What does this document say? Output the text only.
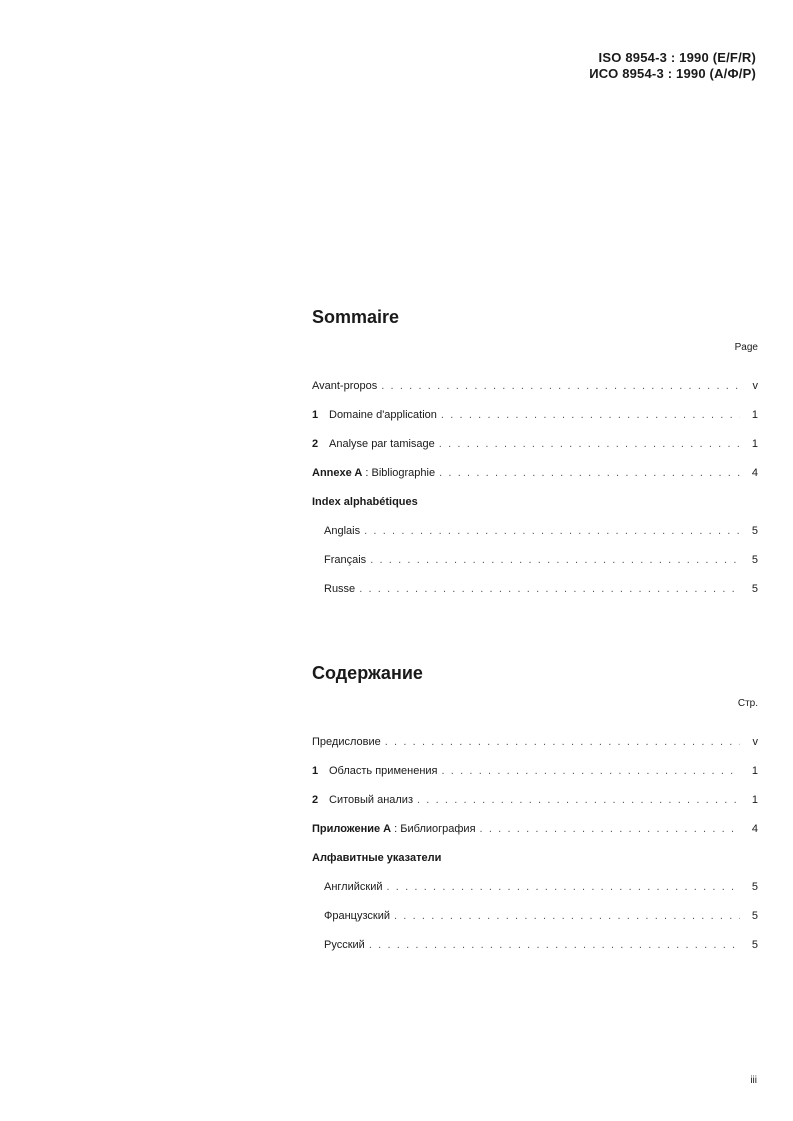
ISO 8954-3 : 1990 (E/F/R)
ИСО 8954-3 : 1990 (А/Ф/Р)
Sommaire
Page
Avant-propos . . .	v
1 Domaine d'application . . .	1
2 Analyse par tamisage . . .	1
Annexe A : Bibliographie . . .	4
Index alphabétiques
Anglais . . .	5
Français . . .	5
Russe . . .	5
Содержание
Стр.
Предисловие . . .	v
1 Область применения . . .	1
2 Ситовый анализ . . .	1
Приложение А : Библиография . . .	4
Алфавитные указатели
Английский . . .	5
Французский . . .	5
Русский . . .	5
iii
